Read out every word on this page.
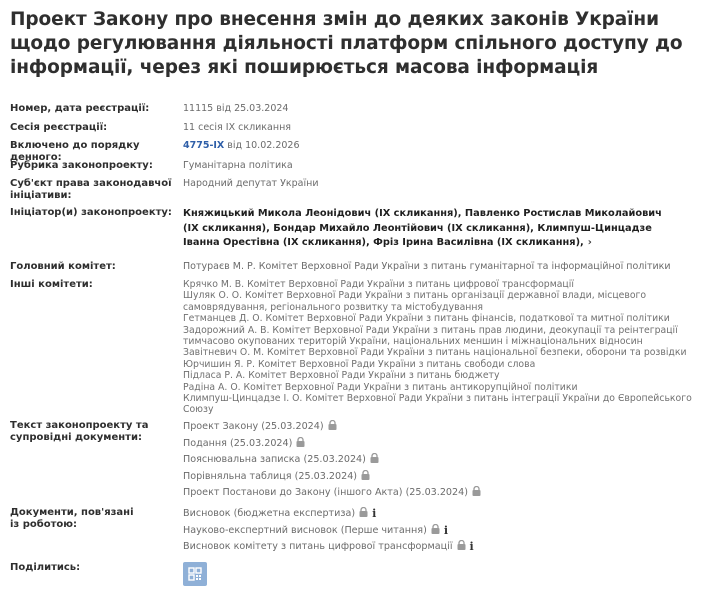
Проект Закону про внесення змін до деяких законів України щодо регулювання діяльності платформ спільного доступу до інформації, через які поширюється масова інформація
Номер, дата реєстрації:	11115 від 25.03.2024
Сесія реєстрації:	11 сесія IX скликання
Включено до порядку денного:
4775-IX від 10.02.2026
Рубрика законопроекту:	Гуманітарна політика
Суб'єкт права законодавчої ініціативи:
Народний депутат України
Ініціатор(и) законопроекту:	Княжицький Микола Леонідович (IX скликання), Павленко Ростислав Миколайович (IX скликання), Бондар Михайло Леонтійович (IX скликання), Климпуш-Цинцадзе Іванна Орестівна (IX скликання), Фріз Ірина Василівна (IX скликання), ›
Головний комітет:	Потураєв М. Р. Комітет Верховної Ради України з питань гуманітарної та інформаційної політики
Інші комітети:	Крячко М. В. Комітет Верховної Ради України з питань цифрової трансформації
Шуляк О. О. Комітет Верховної Ради України з питань організації державної влади, місцевого самоврядування, регіонального розвитку та містобудування
Гетманцев Д. О. Комітет Верховної Ради України з питань фінансів, податкової та митної політики
Задорожний А. В. Комітет Верховної Ради України з питань прав людини, деокупації та реінтеграції тимчасово окупованих територій України, національних меншин і міжнаціональних відносин
Завітневич О. М. Комітет Верховної Ради України з питань національної безпеки, оборони та розвідки
Юрчишин Я. Р. Комітет Верховної Ради України з питань свободи слова
Підласа Р. А. Комітет Верховної Ради України з питань бюджету
Радіна А. О. Комітет Верховної Ради України з питань антикорупційної політики
Климпуш-Цинцадзе І. О. Комітет Верховної Ради України з питань інтеграції України до Європейського Союзу
Текст законопроекту та супровідні документи:
Проект Закону (25.03.2024)
Подання (25.03.2024)
Пояснювальна записка (25.03.2024)
Порівняльна таблиця (25.03.2024)
Проект Постанови до Закону (іншого Акта) (25.03.2024)
Документи, пов'язані із роботою:
Висновок (бюджетна експертиза) i
Науково-експертний висновок (Перше читання) i
Висновок комітету з питань цифрової трансформації i
Поділитись:
